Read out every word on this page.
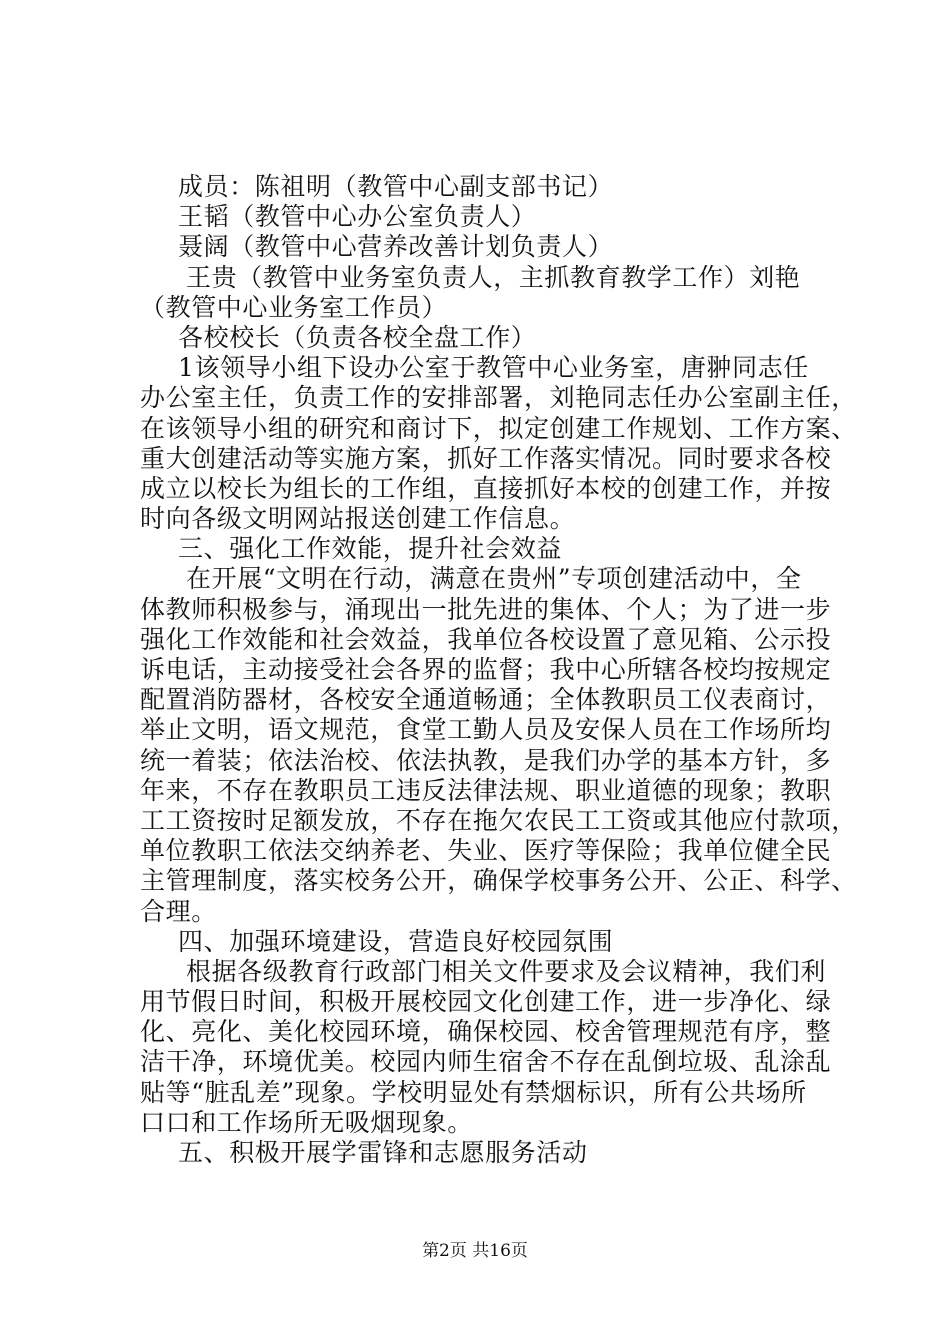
成员：陈祖明（教管中心副支部书记）
王韬（教管中心办公室负责人）
聂阔（教管中心营养改善计划负责人）
王贵（教管中业务室负责人，主抓教育教学工作）刘艳
（教管中心业务室工作员）
各校校长（负责各校全盘工作）
1该领导小组下设办公室于教管中心业务室，唐翀同志任
办公室主任，负责工作的安排部署，刘艳同志任办公室副主任，
在该领导小组的研究和商讨下，拟定创建工作规划、工作方案、
重大创建活动等实施方案，抓好工作落实情况。同时要求各校
成立以校长为组长的工作组，直接抓好本校的创建工作，并按
时向各级文明网站报送创建工作信息。
三、强化工作效能，提升社会效益
在开展“文明在行动，满意在贵州”专项创建活动中，全
体教师积极参与，涌现出一批先进的集体、个人；为了进一步
强化工作效能和社会效益，我单位各校设置了意见箱、公示投
诉电话，主动接受社会各界的监督；我中心所辖各校均按规定
配置消防器材，各校安全通道畅通；全体教职员工仪表商讨，
举止文明，语文规范，食堂工勤人员及安保人员在工作场所均
统一着装；依法治校、依法执教，是我们办学的基本方针，多
年来，不存在教职员工违反法律法规、职业道德的现象；教职
工工资按时足额发放，不存在拖欠农民工工资或其他应付款项，
单位教职工依法交纳养老、失业、医疗等保险；我单位健全民
主管理制度，落实校务公开，确保学校事务公开、公正、科学、
合理。
四、加强环境建设，营造良好校园氛围
根据各级教育行政部门相关文件要求及会议精神，我们利
用节假日时间，积极开展校园文化创建工作，进一步净化、绿
化、亮化、美化校园环境，确保校园、校舍管理规范有序，整
洁干净，环境优美。校园内师生宿舍不存在乱倒垃圾、乱涂乱
贴等“脏乱差”现象。学校明显处有禁烟标识，所有公共场所
口口和工作场所无吸烟现象。
五、积极开展学雷锋和志愿服务活动
第2页 共16页
